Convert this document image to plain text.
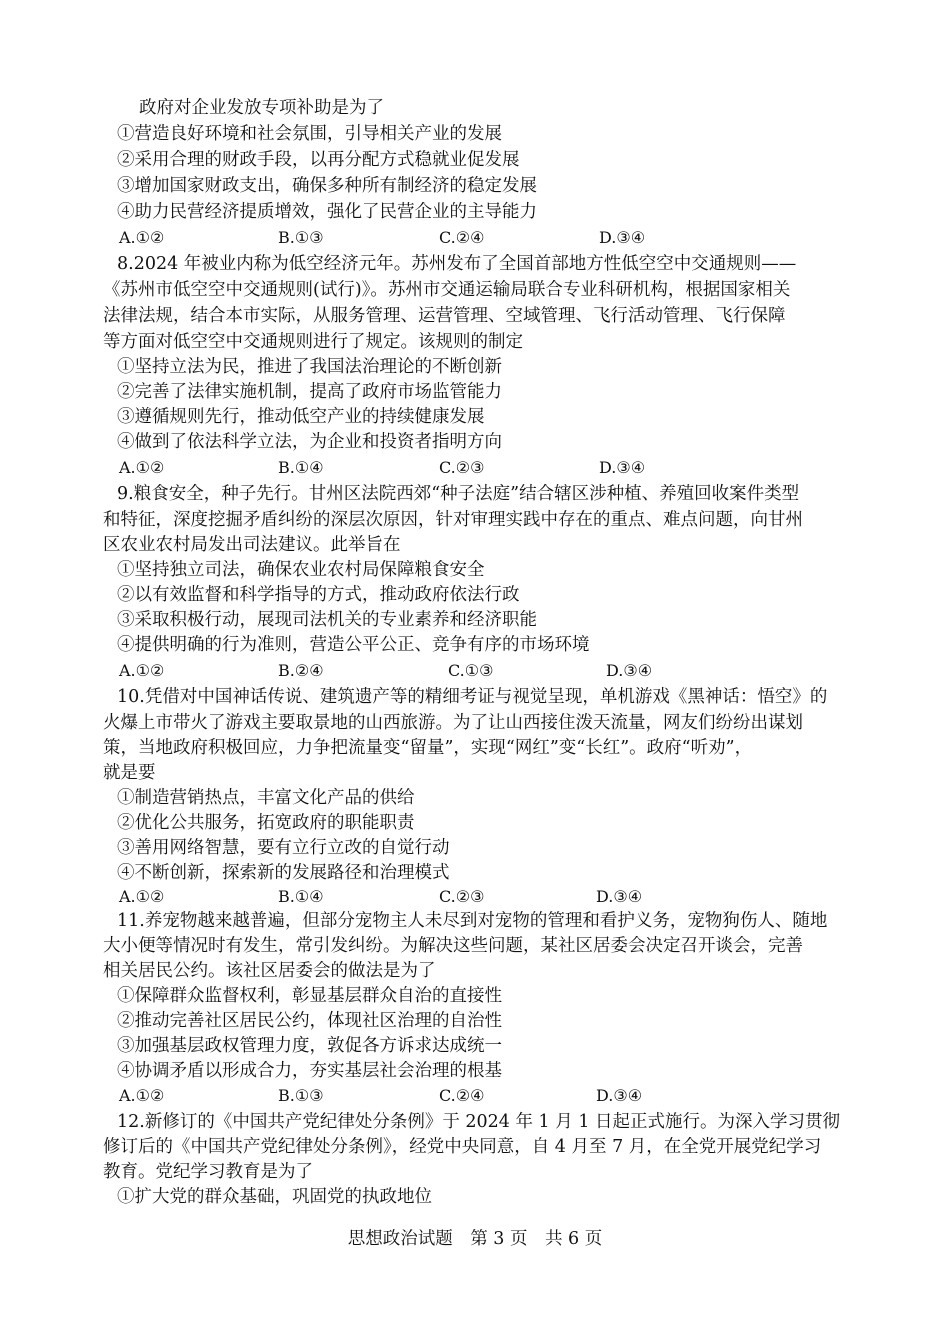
政府对企业发放专项补助是为了
①营造良好环境和社会氛围，引导相关产业的发展
②采用合理的财政手段，以再分配方式稳就业促发展
③增加国家财政支出，确保多种所有制经济的稳定发展
④助力民营经济提质增效，强化了民营企业的主导能力
A.①②	B.①③	C.②④	D.③④
8.2024 年被业内称为低空经济元年。苏州发布了全国首部地方性低空空中交通规则——
《苏州市低空空中交通规则(试行)》。苏州市交通运输局联合专业科研机构，根据国家相关
法律法规，结合本市实际，从服务管理、运营管理、空域管理、飞行活动管理、飞行保障
等方面对低空空中交通规则进行了规定。该规则的制定
①坚持立法为民，推进了我国法治理论的不断创新
②完善了法律实施机制，提高了政府市场监管能力
③遵循规则先行，推动低空产业的持续健康发展
④做到了依法科学立法，为企业和投资者指明方向
A.①②	B.①④	C.②③	D.③④
9.粮食安全，种子先行。甘州区法院西郊“种子法庭”结合辖区涉种植、养殖回收案件类型
和特征，深度挖掘矛盾纠纷的深层次原因，针对审理实践中存在的重点、难点问题，向甘州
区农业农村局发出司法建议。此举旨在
①坚持独立司法，确保农业农村局保障粮食安全
②以有效监督和科学指导的方式，推动政府依法行政
③采取积极行动，展现司法机关的专业素养和经济职能
④提供明确的行为准则，营造公平公正、竞争有序的市场环境
A.①②	B.②④	C.①③	D.③④
10.凭借对中国神话传说、建筑遗产等的精细考证与视觉呈现，单机游戏《黑神话：悟空》的
火爆上市带火了游戏主要取景地的山西旅游。为了让山西接住泼天流量，网友们纷纷出谋划
策，当地政府积极回应，力争把流量变“留量”，实现“网红”变“长红”。政府“听劝”，
就是要
①制造营销热点，丰富文化产品的供给
②优化公共服务，拓宽政府的职能职责
③善用网络智慧，要有立行立改的自觉行动
④不断创新，探索新的发展路径和治理模式
A.①②	B.①④	C.②③	D.③④
11.养宠物越来越普遍，但部分宠物主人未尽到对宠物的管理和看护义务，宠物狗伤人、随地
大小便等情况时有发生，常引发纠纷。为解决这些问题，某社区居委会决定召开谈会，完善
相关居民公约。该社区居委会的做法是为了
①保障群众监督权利，彰显基层群众自治的直接性
②推动完善社区居民公约，体现社区治理的自治性
③加强基层政权管理力度，敦促各方诉求达成统一
④协调矛盾以形成合力，夯实基层社会治理的根基
A.①②	B.①③	C.②④	D.③④
12.新修订的《中国共产党纪律处分条例》于 2024 年 1 月 1 日起正式施行。为深入学习贯彻
修订后的《中国共产党纪律处分条例》，经党中央同意，自 4 月至 7 月，在全党开展党纪学习
教育。党纪学习教育是为了
①扩大党的群众基础，巩固党的执政地位
思想政治试题　第 3 页　共 6 页
